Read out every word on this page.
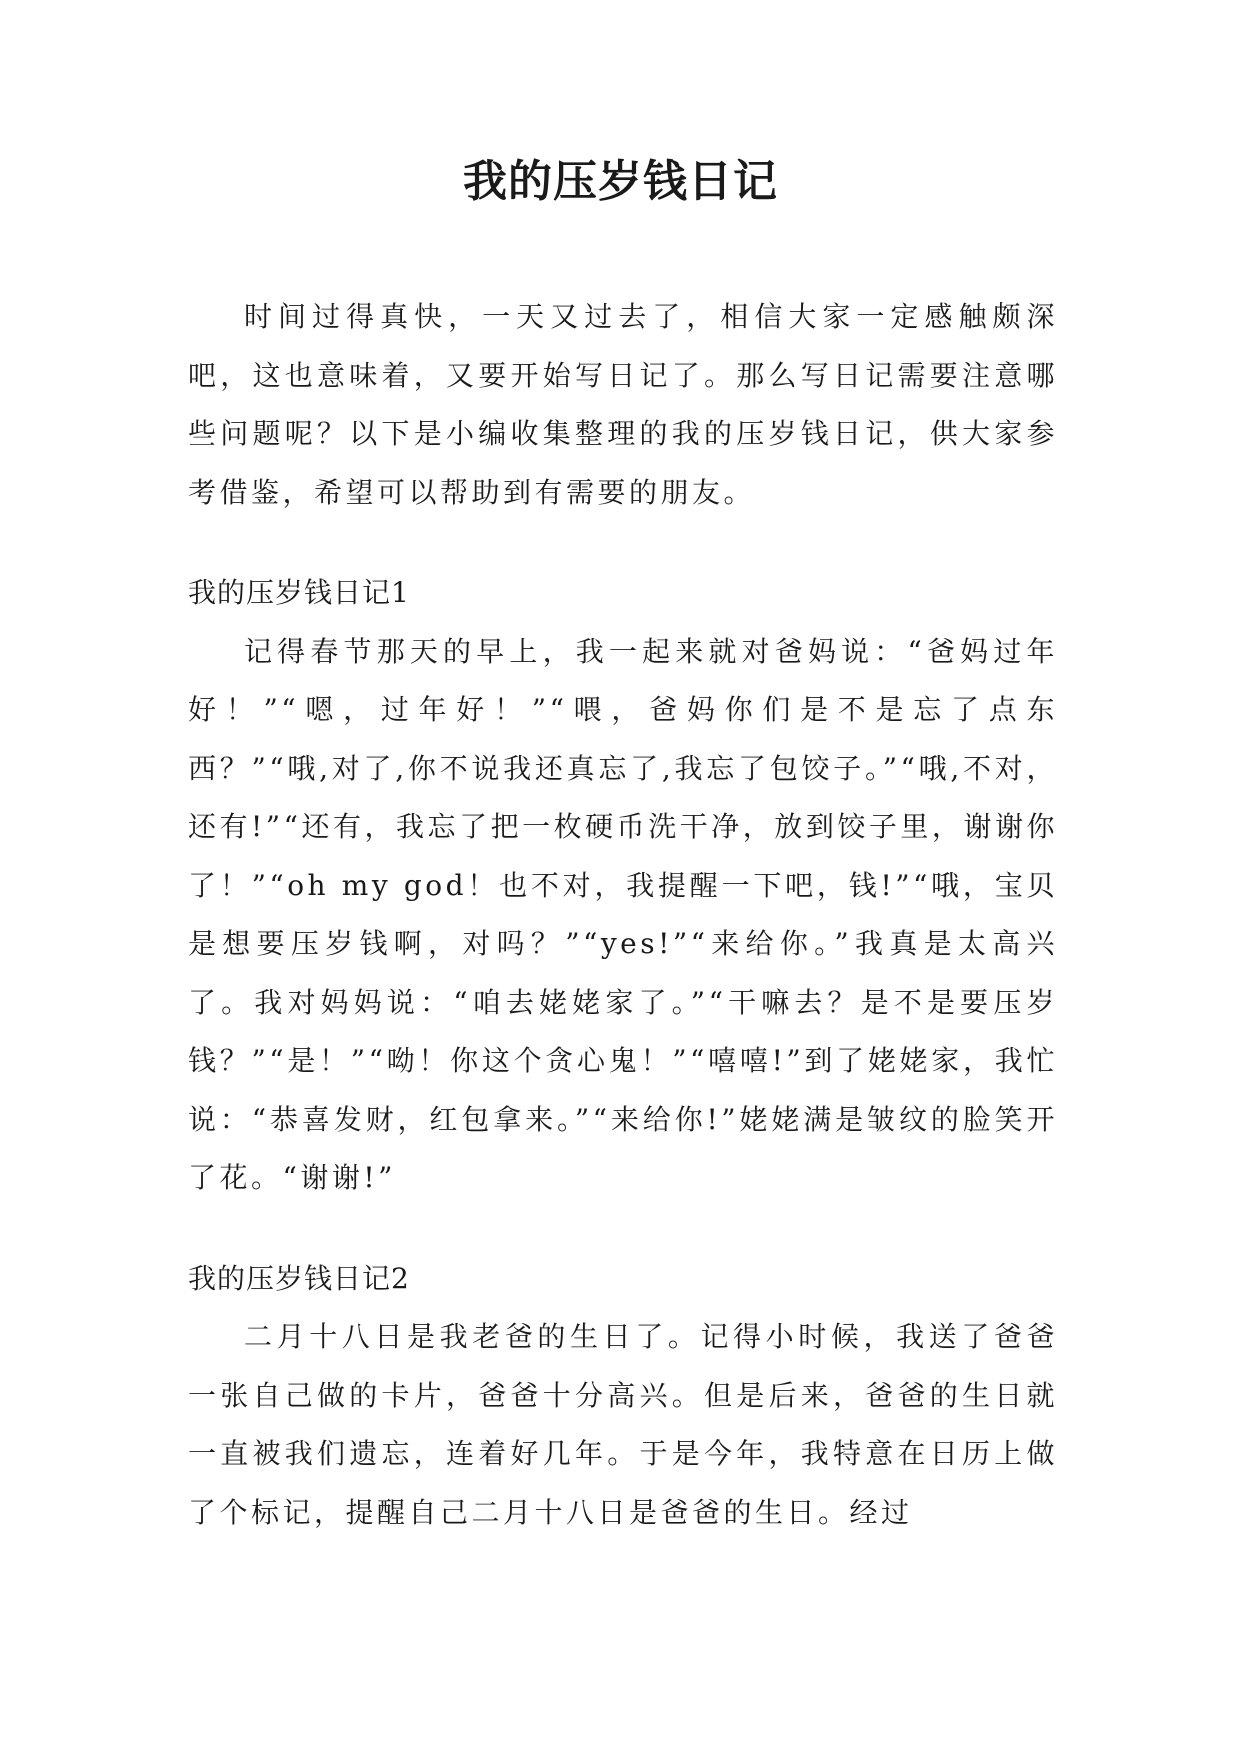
我的压岁钱日记

时间过得真快，一天又过去了，相信大家一定感触颇深吧，这也意味着，又要开始写日记了。那么写日记需要注意哪些问题呢？以下是小编收集整理的我的压岁钱日记，供大家参考借鉴，希望可以帮助到有需要的朋友。

我的压岁钱日记1

记得春节那天的早上，我一起来就对爸妈说：“爸妈过年好！”“嗯，过年好！”“喂，爸妈你们是不是忘了点东西？”“哦,对了,你不说我还真忘了,我忘了包饺子。”“哦,不对，还有!”“还有，我忘了把一枚硬币洗干净，放到饺子里，谢谢你了！”“oh my god！也不对，我提醒一下吧，钱!”“哦，宝贝是想要压岁钱啊，对吗？”“yes!”“来给你。”我真是太高兴了。我对妈妈说：“咱去姥姥家了。”“干嘛去？是不是要压岁钱？”“是！”“呦！你这个贪心鬼！”“嘻嘻!”到了姥姥家，我忙说：“恭喜发财，红包拿来。”“来给你!”姥姥满是皱纹的脸笑开了花。“谢谢!”

我的压岁钱日记2

二月十八日是我老爸的生日了。记得小时候，我送了爸爸一张自己做的卡片，爸爸十分高兴。但是后来，爸爸的生日就一直被我们遗忘，连着好几年。于是今年，我特意在日历上做了个标记，提醒自己二月十八日是爸爸的生日。经过
